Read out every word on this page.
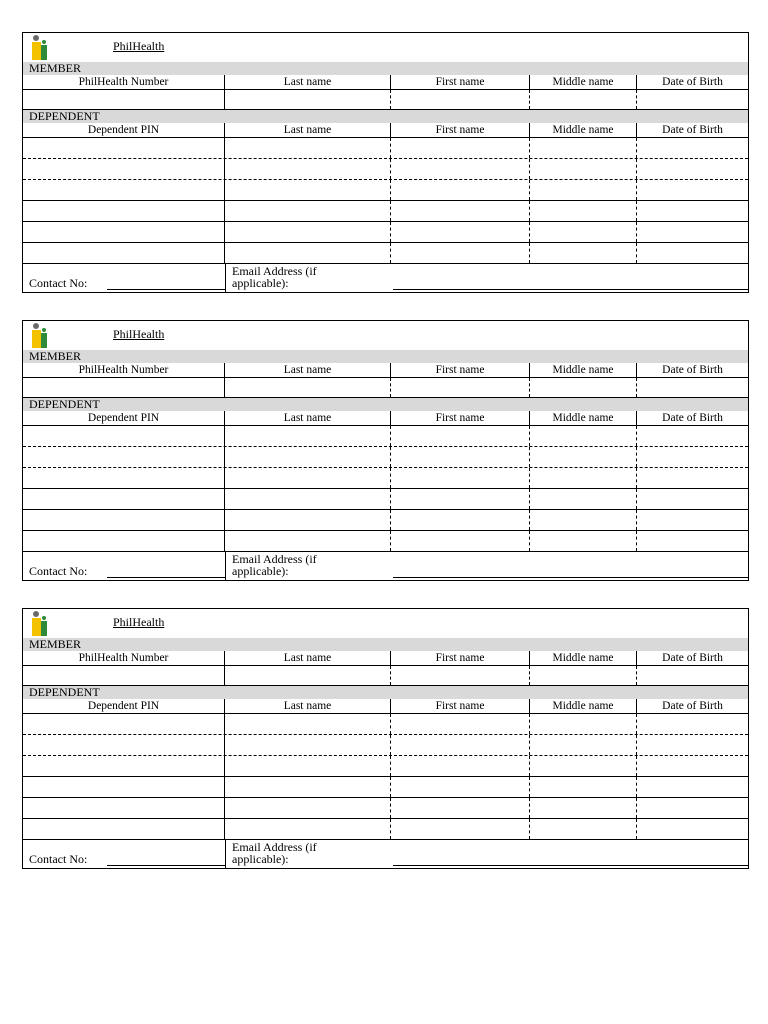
PhilHealth
MEMBER
PhilHealth Number	Last name	First name	Middle name	Date of Birth
DEPENDENT
Dependent PIN	Last name	First name	Middle name	Date of Birth
Contact No:
Email Address (if
applicable):
PhilHealth
MEMBER
PhilHealth Number	Last name	First name	Middle name	Date of Birth
DEPENDENT
Dependent PIN	Last name	First name	Middle name	Date of Birth
Contact No:
Email Address (if
applicable):
PhilHealth
MEMBER
PhilHealth Number	Last name	First name	Middle name	Date of Birth
DEPENDENT
Dependent PIN	Last name	First name	Middle name	Date of Birth
Contact No:
Email Address (if
applicable):
